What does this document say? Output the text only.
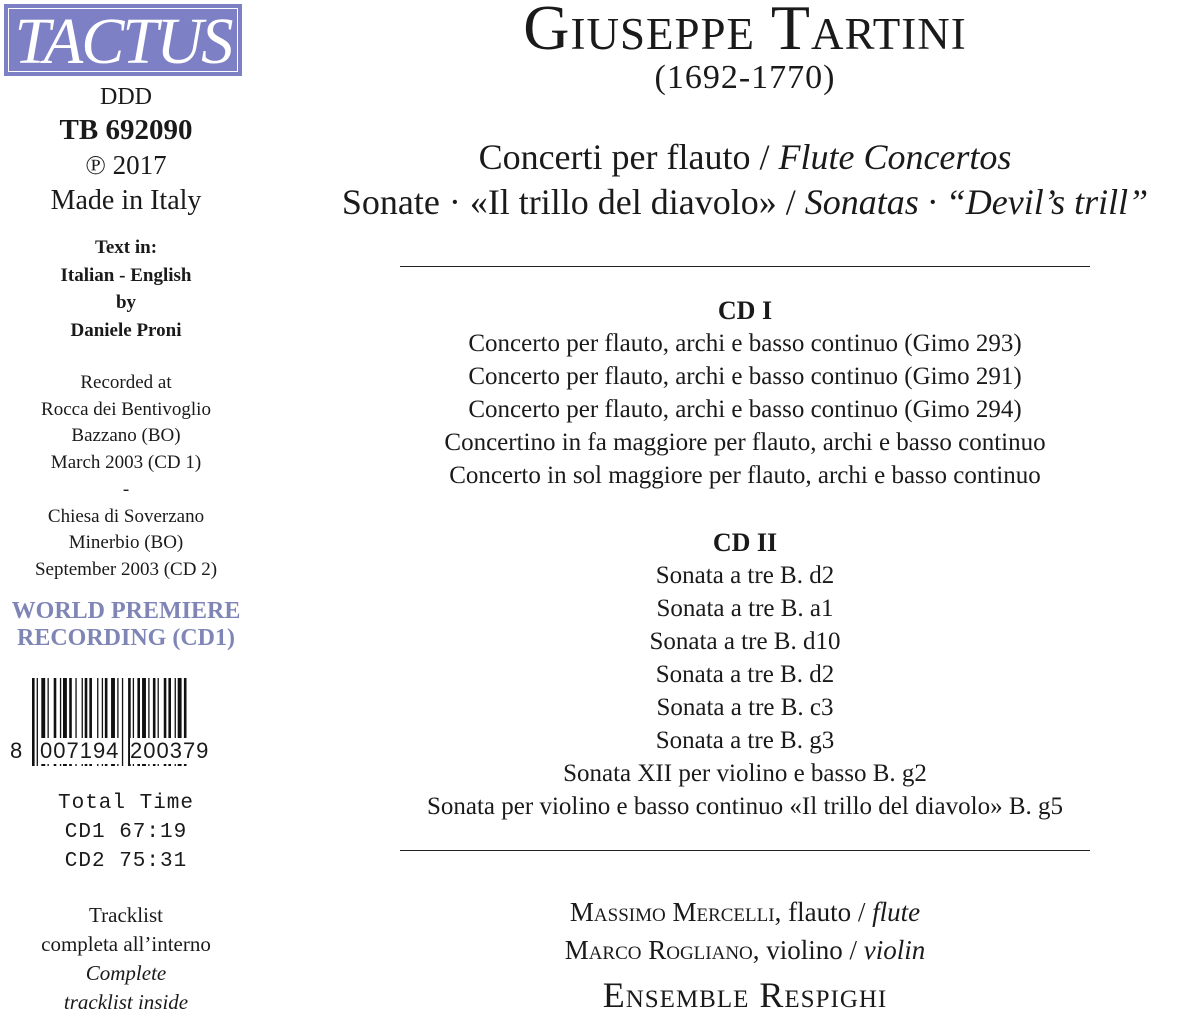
TACTUS
DDD
TB 692090
℗ 2017
Made in Italy
Text in:
Italian - English
by
Daniele Proni
Recorded at
Rocca dei Bentivoglio
Bazzano (BO)
March 2003 (CD 1)
-
Chiesa di Soverzano
Minerbio (BO)
September 2003 (CD 2)
WORLD PREMIERE
RECORDING (CD1)
8 007194 200379
Total Time
CD1 67:19
CD2 75:31
Tracklist
completa all’interno
Complete
tracklist inside
Giuseppe Tartini
(1692-1770)
Concerti per flauto / Flute Concertos
Sonate · «Il trillo del diavolo» / Sonatas · “Devil’s trill”
CD I
Concerto per flauto, archi e basso continuo (Gimo 293)
Concerto per flauto, archi e basso continuo (Gimo 291)
Concerto per flauto, archi e basso continuo (Gimo 294)
Concertino in fa maggiore per flauto, archi e basso continuo
Concerto in sol maggiore per flauto, archi e basso continuo
CD II
Sonata a tre B. d2
Sonata a tre B. a1
Sonata a tre B. d10
Sonata a tre B. d2
Sonata a tre B. c3
Sonata a tre B. g3
Sonata XII per violino e basso B. g2
Sonata per violino e basso continuo «Il trillo del diavolo» B. g5
Massimo Mercelli, flauto / flute
Marco Rogliano, violino / violin
Ensemble Respighi
